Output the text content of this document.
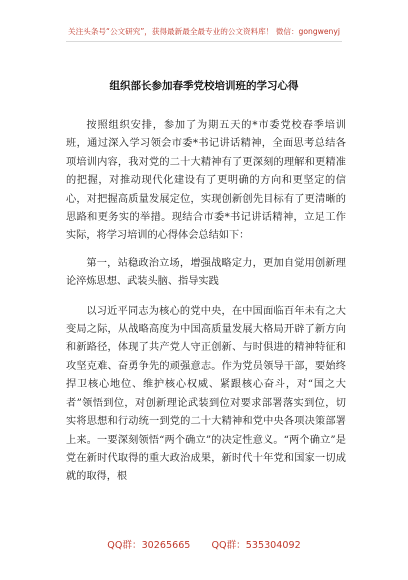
关注头条号“公文研究”，获得最新最全最专业的公文资料库！ 微信：gongwenyj
组织部长参加春季党校培训班的学习心得

按照组织安排，参加了为期五天的*市委党校春季培训班，通过深入学习领会市委*书记讲话精神，全面思考总结各项培训内容，我对党的二十大精神有了更深刻的理解和更精准的把握，对推动现代化建设有了更明确的方向和更坚定的信心，对把握高质量发展定位，实现创新创先目标有了更清晰的思路和更务实的举措。现结合市委*书记讲话精神，立足工作实际，将学习培训的心得体会总结如下：

第一，站稳政治立场，增强战略定力，更加自觉用创新理论淬炼思想、武装头脑、指导实践

以习近平同志为核心的党中央，在中国面临百年未有之大变局之际，从战略高度为中国高质量发展大格局开辟了新方向和新路径，体现了共产党人守正创新、与时俱进的精神特征和攻坚克难、奋勇争先的顽强意志。作为党员领导干部，要始终捍卫核心地位、维护核心权威、紧跟核心奋斗，对“国之大者”领悟到位，对创新理论武装到位对要求部署落实到位，切实将思想和行动统一到党的二十大精神和党中央各项决策部署上来。一要深刻领悟“两个确立”的决定性意义。“两个确立”是党在新时代取得的重大政治成果，新时代十年党和国家一切成就的取得，根

QQ群：30265665 QQ群：535304092
